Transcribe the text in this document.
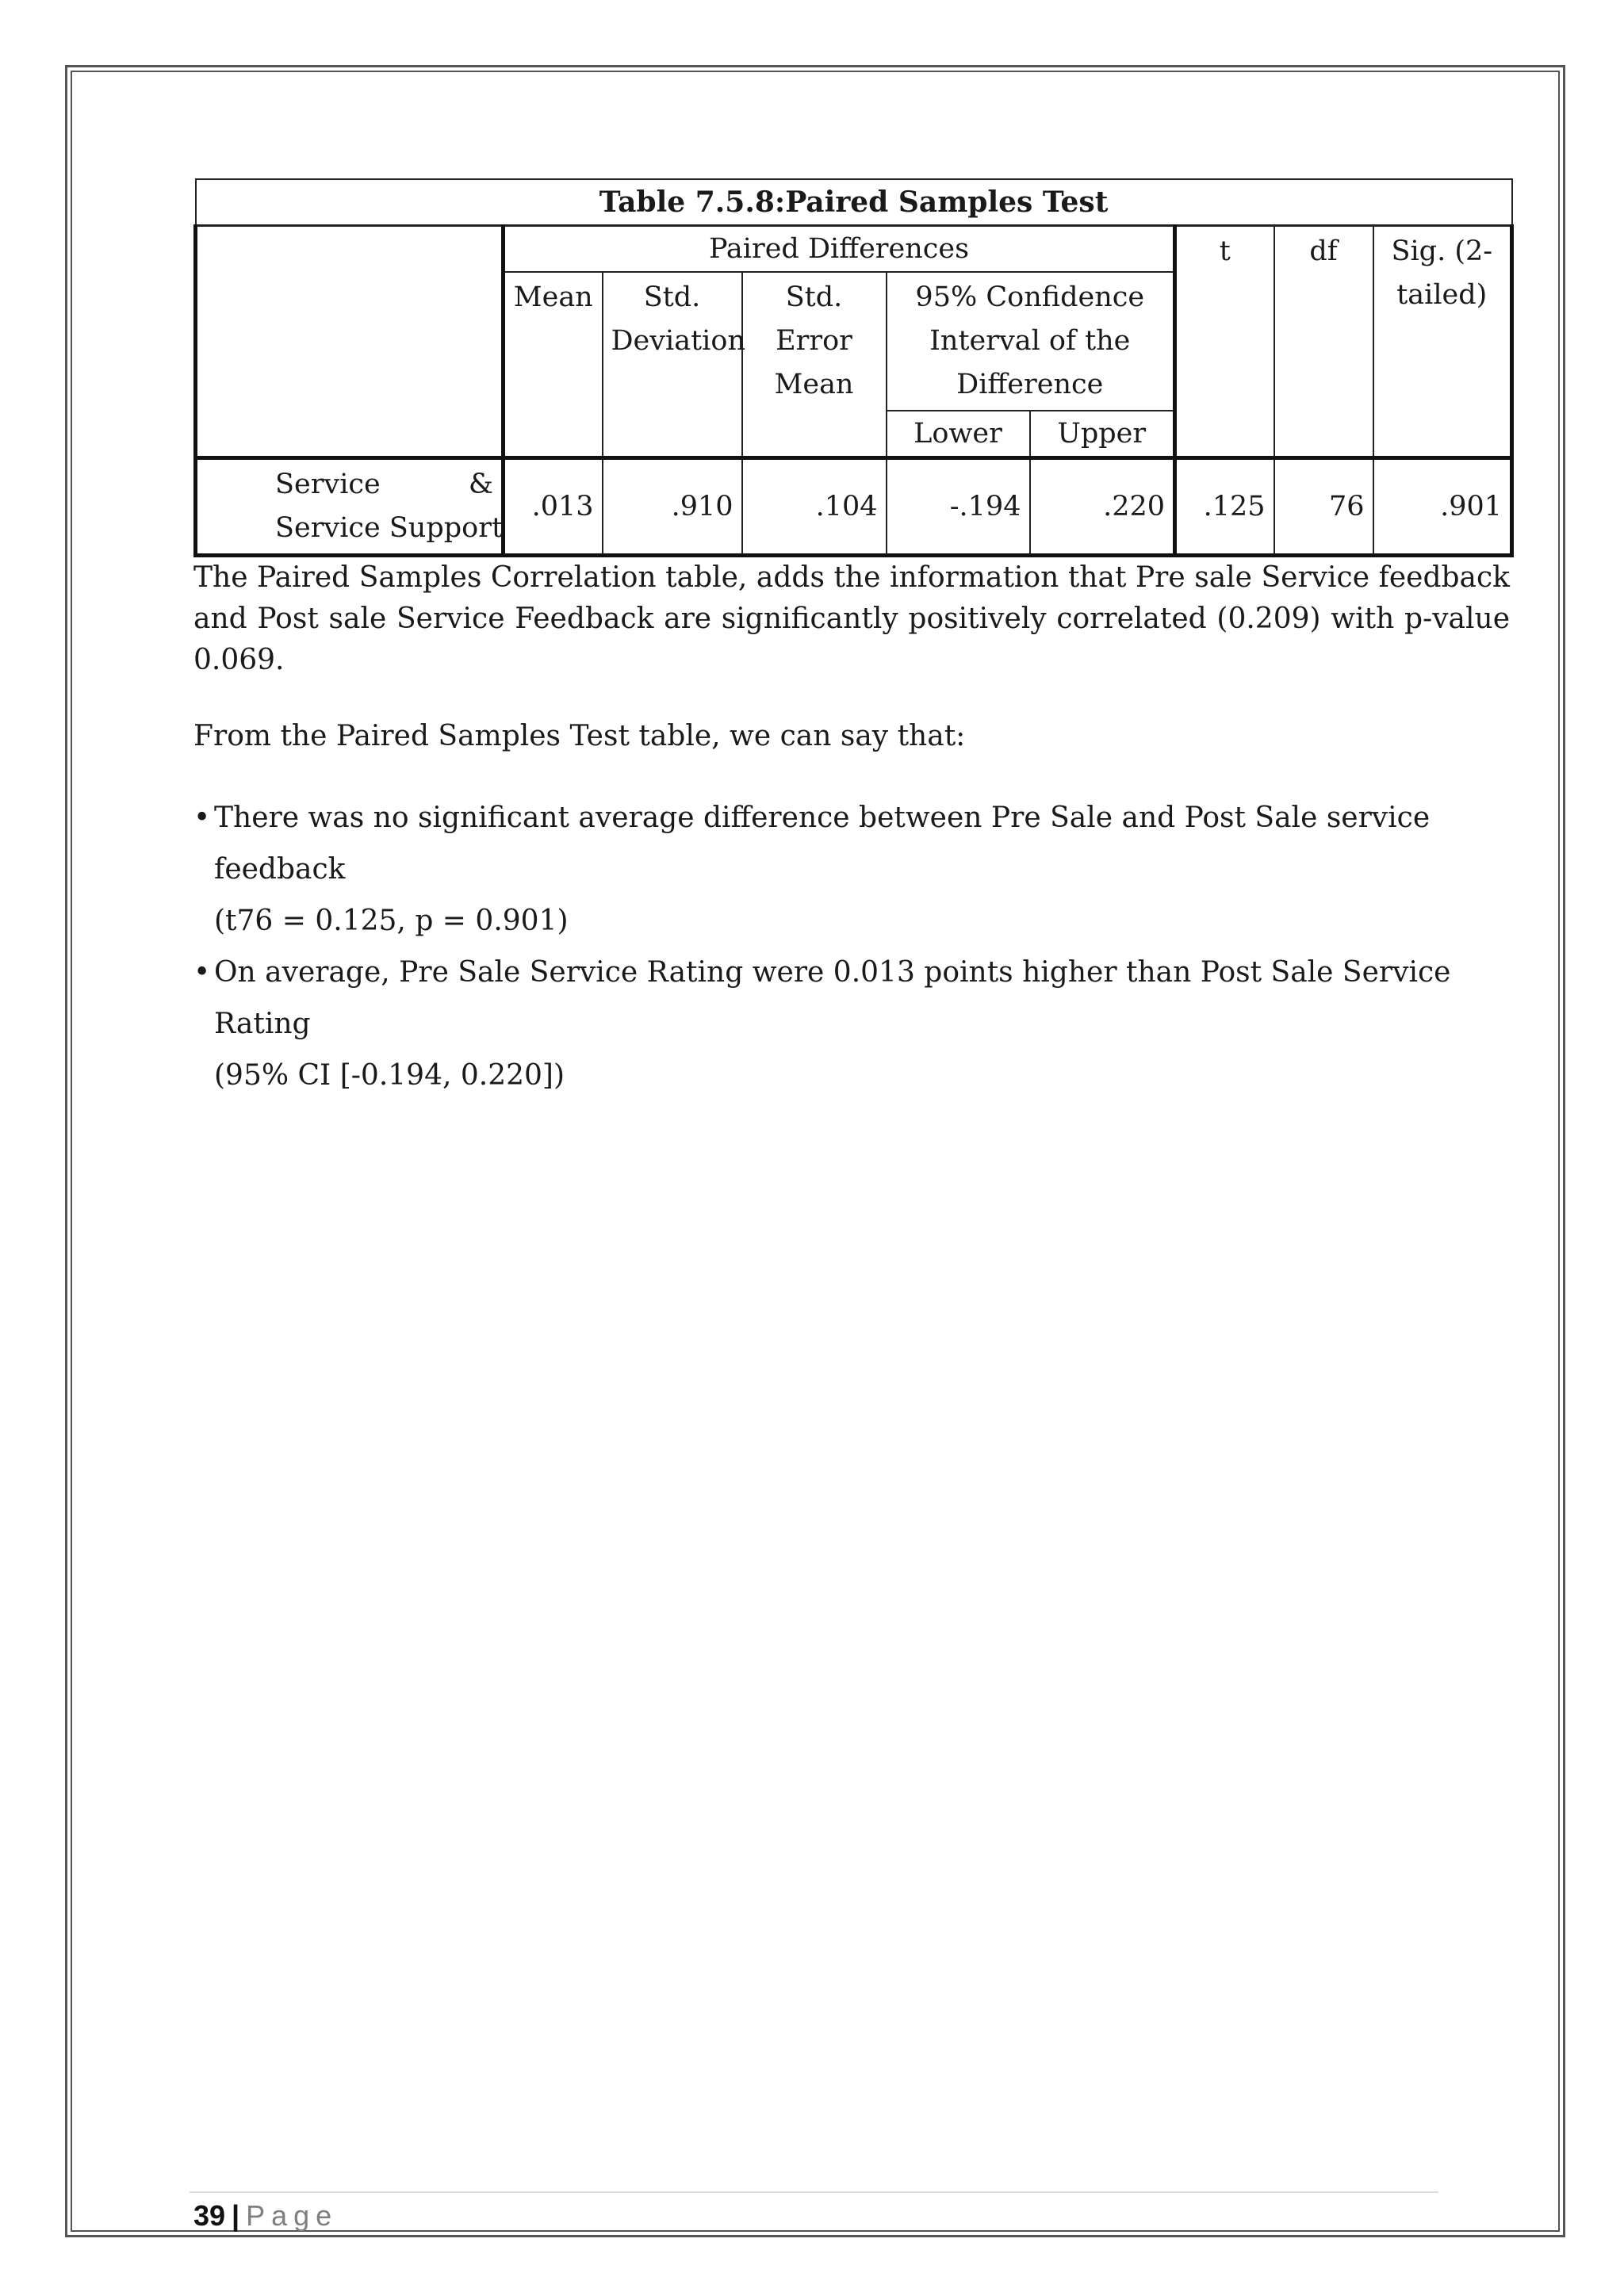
Table 7.5.8:Paired Samples Test								
	Paired Differences					t	df	Sig. (2-tailed)
	Mean	Std. Deviation	Std. Error Mean	95% Confidence Interval of the Difference				
				Lower	Upper			

Service &
Service Support	.013	.910	.104	-.194	.220	.125	76	.901

The Paired Samples Correlation table, adds the information that Pre sale Service feedback and Post sale Service Feedback are significantly positively correlated (0.209) with p-value 0.069.

From the Paired Samples Test table, we can say that:

• There was no significant average difference between Pre Sale and Post Sale service feedback
(t76 = 0.125, p = 0.901)
• On average, Pre Sale Service Rating were 0.013 points higher than Post Sale Service Rating
(95% CI [-0.194, 0.220])
39 | Page
